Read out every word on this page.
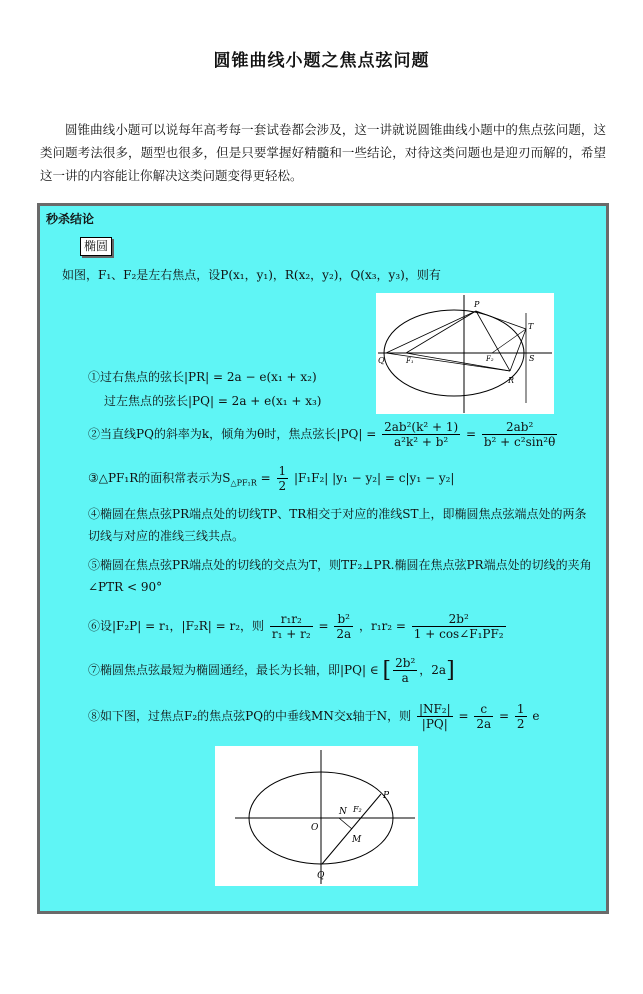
圆锥曲线小题之焦点弦问题
圆锥曲线小题可以说每年高考每一套试卷都会涉及，这一讲就说圆锥曲线小题中的焦点弦问题，这类问题考法很多，题型也很多，但是只要掌握好精髓和一些结论，对待这类问题也是迎刃而解的，希望这一讲的内容能让你解决这类问题变得更轻松。
秒杀结论
椭圆
如图，F₁、F₂是左右焦点，设P(x₁，y₁)，R(x₂，y₂)，Q(x₃，y₃)，则有
P
T
Q	F₁	F₂
R
S
①过右焦点的弦长|PR| = 2a − e(x₁ + x₂)
过左焦点的弦长|PQ| = 2a + e(x₁ + x₃)
②当直线PQ的斜率为k，倾角为θ时，焦点弦长$|PQ| = \frac{\text{2ab²(k² + 1)}}{\text{a²k² + b²}} = \frac{\text{2ab²}}{\text{b² + c²sin²θ}}$
③△PF₁R的面积常表示为$S_{\triangle PF_1R} = \frac{1}{2} |F_1F_2|$ |y₁ − y₂| = c|y₁ − y₂|
④椭圆在焦点弦PR端点处的切线TP、TR相交于对应的准线ST上，即椭圆焦点弦端点处的两条切线与对应的准线三线共点。
⑤椭圆在焦点弦PR端点处的切线的交点为T，则TF₂⊥PR.椭圆在焦点弦PR端点处的切线的夹角∠PTR < 90°
⑥设|F₂P| = r₁，|F₂R| = r₂，则 $\frac{\text{r₁r₂}}{\text{r₁ + r₂}} = \frac{\text{b²}}{2a}$ ，$r_1r_2 = \frac{\text{2b²}}{\text{1 + cos∠F₁PF₂}}$
⑦椭圆焦点弦最短为椭圆通经，最长为长轴，即|PQ| ∈ [ $\frac{\text{2b²}}{a}$ ，2a]
⑧如下图，过焦点F₂的焦点弦PQ的中垂线MN交x轴于N，则 $\frac{\text{|NF₂|}}{|PQ|} = \frac{c}{2a} = \frac{1}{2}$ e
N F₂
P
O
M
Q
